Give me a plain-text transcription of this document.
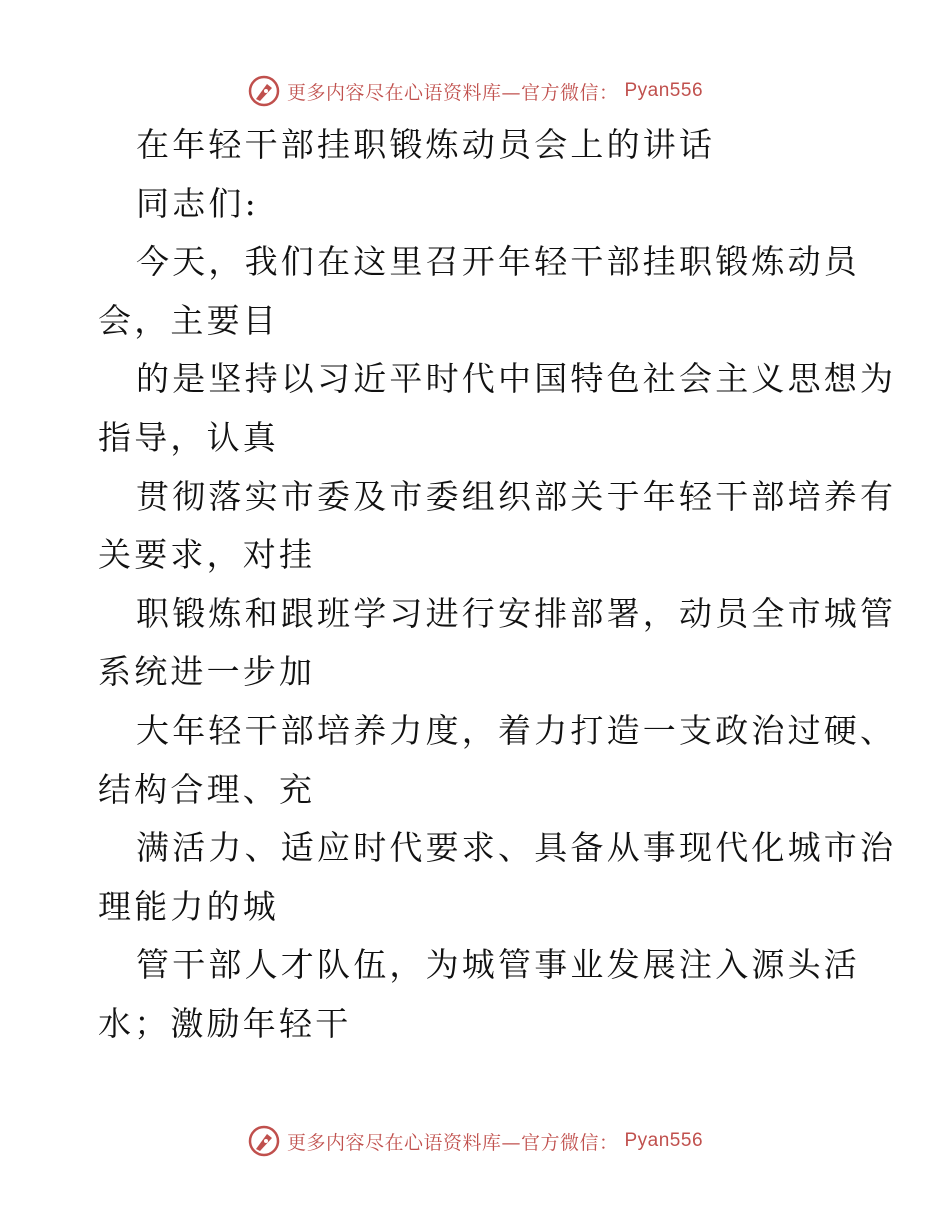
更多内容尽在心语资料库—官方微信： Pyan556
在年轻干部挂职锻炼动员会上的讲话
同志们:
今天，我们在这里召开年轻干部挂职锻炼动员
会，主要目
的是坚持以习近平时代中国特色社会主义思想为
指导，认真
贯彻落实市委及市委组织部关于年轻干部培养有
关要求，对挂
职锻炼和跟班学习进行安排部署，动员全市城管
系统进一步加
大年轻干部培养力度，着力打造一支政治过硬、
结构合理、充
满活力、适应时代要求、具备从事现代化城市治
理能力的城
管干部人才队伍，为城管事业发展注入源头活
水；激励年轻干
更多内容尽在心语资料库—官方微信： Pyan556
